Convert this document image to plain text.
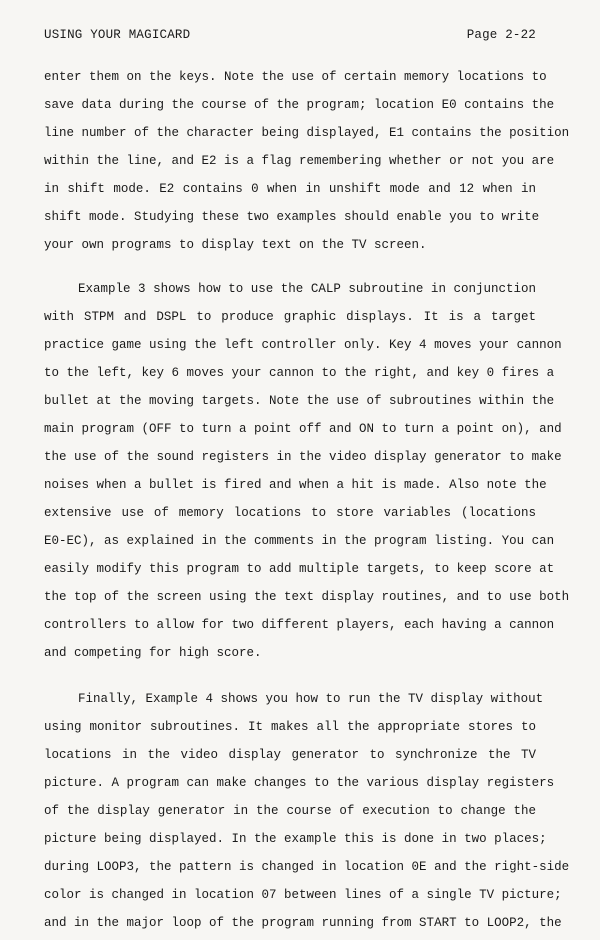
USING YOUR MAGICARD	Page 2-22
enter them on the keys. Note the use of certain memory locations to
save data during the course of the program; location E0 contains the
line number of the character being displayed, E1 contains the position
within the line, and E2 is a flag remembering whether or not you are
in shift mode. E2 contains 0 when in unshift mode and 12 when in
shift mode. Studying these two examples should enable you to write
your own programs to display text on the TV screen.
Example 3 shows how to use the CALP subroutine in conjunction
with STPM and DSPL to produce graphic displays. It is a target
practice game using the left controller only. Key 4 moves your cannon
to the left, key 6 moves your cannon to the right, and key 0 fires a
bullet at the moving targets. Note the use of subroutines within the
main program (OFF to turn a point off and ON to turn a point on), and
the use of the sound registers in the video display generator to make
noises when a bullet is fired and when a hit is made. Also note the
extensive use of memory locations to store variables (locations
E0-EC), as explained in the comments in the program listing. You can
easily modify this program to add multiple targets, to keep score at
the top of the screen using the text display routines, and to use both
controllers to allow for two different players, each having a cannon
and competing for high score.
Finally, Example 4 shows you how to run the TV display without
using monitor subroutines. It makes all the appropriate stores to
locations in the video display generator to synchronize the TV
picture. A program can make changes to the various display registers
of the display generator in the course of execution to change the
picture being displayed. In the example this is done in two places;
during LOOP3, the pattern is changed in location 0E and the right-side
color is changed in location 07 between lines of a single TV picture;
and in the major loop of the program running from START to LOOP2, the
